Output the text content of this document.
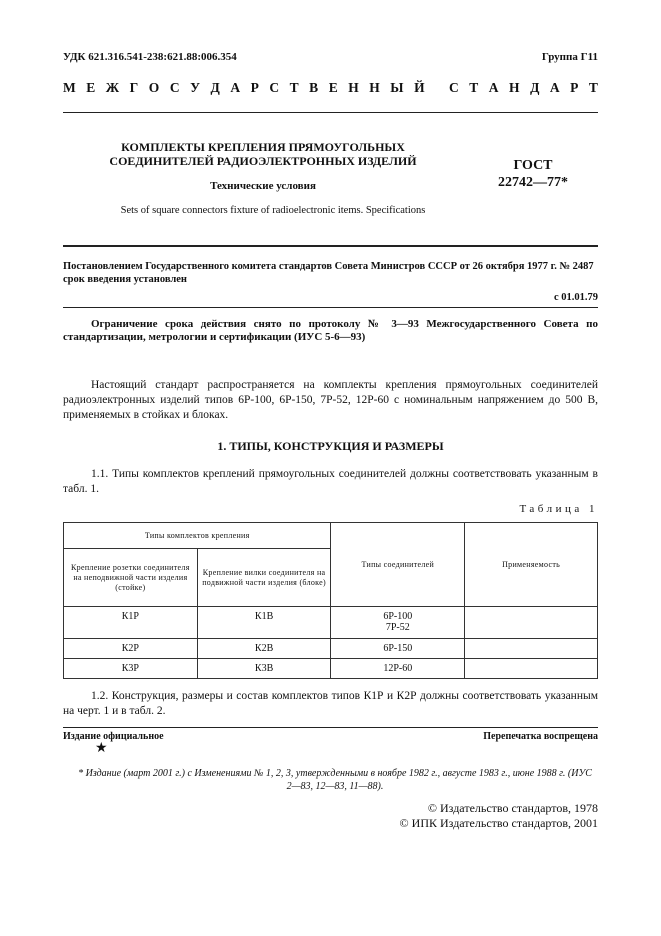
УДК 621.316.541-238:621.88:006.354	Группа Г11
М Е Ж Г О С У Д А Р С Т В Е Н Н Ы Й
С Т А Н Д А Р Т
КОМПЛЕКТЫ КРЕПЛЕНИЯ ПРЯМОУГОЛЬНЫХ
СОЕДИНИТЕЛЕЙ РАДИОЭЛЕКТРОННЫХ ИЗДЕЛИЙ
Технические условия
Sets of square connectors fixture of radioelectronic items. Specifications
ГОСТ
22742—77*
Постановлением Государственного комитета стандартов Совета Министров СССР от 26 октября 1977 г. № 2487
срок введения установлен
с 01.01.79
Ограничение срока действия снято по протоколу № 3—93 Межгосударственного Совета по стандартизации, метрологии и сертификации (ИУС 5-6—93)
Настоящий стандарт распространяется на комплекты крепления прямоугольных соединителей радиоэлектронных изделий типов 6Р-100, 6Р-150, 7Р-52, 12Р-60 с номинальным напряжением до 500 В, применяемых в стойках и блоках.
1. ТИПЫ, КОНСТРУКЦИЯ И РАЗМЕРЫ
1.1. Типы комплектов креплений прямоугольных соединителей должны соответствовать указанным в табл. 1.
Таблица 1
Типы комплектов крепления		Типы соединителей	Применяемость
Крепление розетки соединителя на неподвижной части изделия (стойке)	Крепление вилки соединителя на подвижной части изделия (блоке)		
К1Р	К1В	6Р-100
7Р-52	

К2Р	К2В	6Р-150	
К3Р	К3В	12Р-60	
1.2. Конструкция, размеры и состав комплектов типов К1Р и К2Р должны соответствовать указанным на черт. 1 и в табл. 2.
Издание официальное	Перепечатка воспрещена
★
* Издание (март 2001 г.) с Изменениями № 1, 2, 3, утвержденными в ноябре 1982 г., августе 1983 г., июне 1988 г. (ИУС 2—83, 12—83, 11—88).
© Издательство стандартов, 1978
© ИПК Издательство стандартов, 2001
